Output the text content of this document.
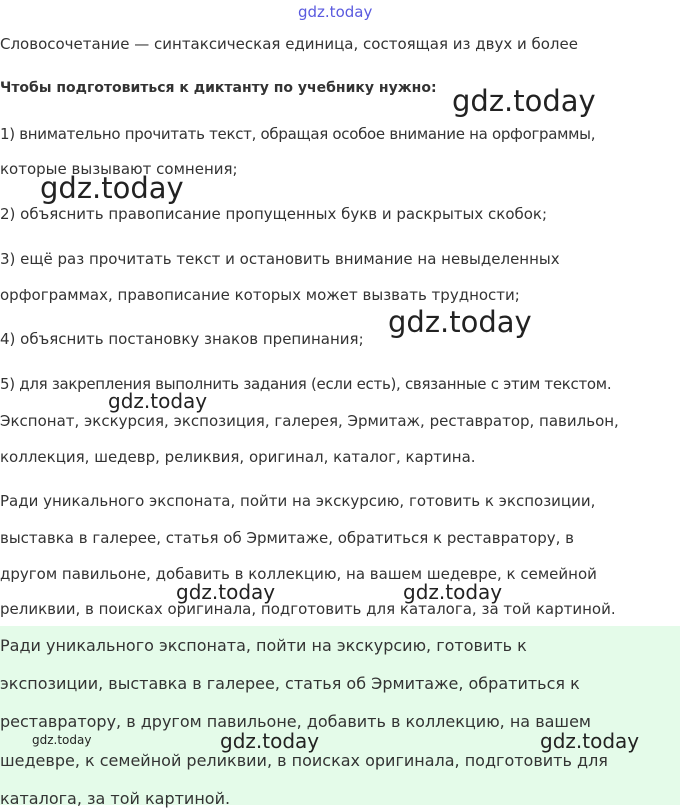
gdz.today
Словосочетание — синтаксическая единица, состоящая из двух и более
Чтобы подготовиться к диктанту по учебнику нужно:
1) внимательно прочитать текст, обращая особое внимание на орфограммы,
которые вызывают сомнения;
2) объяснить правописание пропущенных букв и раскрытых скобок;
3) ещё раз прочитать текст и остановить внимание на невыделенных
орфограммах, правописание которых может вызвать трудности;
4) объяснить постановку знаков препинания;
5) для закрепления выполнить задания (если есть), связанные с этим текстом.
Экспонат, экскурсия, экспозиция, галерея, Эрмитаж, реставратор, павильон,
коллекция, шедевр, реликвия, оригинал, каталог, картина.
Ради уникального экспоната, пойти на экскурсию, готовить к экспозиции,
выставка в галерее, статья об Эрмитаже, обратиться к реставратору, в
другом павильоне, добавить в коллекцию, на вашем шедевре, к семейной
реликвии, в поисках оригинала, подготовить для каталога, за той картиной.
Ради уникального экспоната, пойти на экскурсию, готовить к
экспозиции, выставка в галерее, статья об Эрмитаже, обратиться к
реставратору, в другом павильоне, добавить в коллекцию, на вашем
шедевре, к семейной реликвии, в поисках оригинала, подготовить для
каталога, за той картиной.
gdz.today
gdz.today
gdz.today
gdz.today
gdz.today	gdz.today
gdz.today	gdz.today	gdz.today
